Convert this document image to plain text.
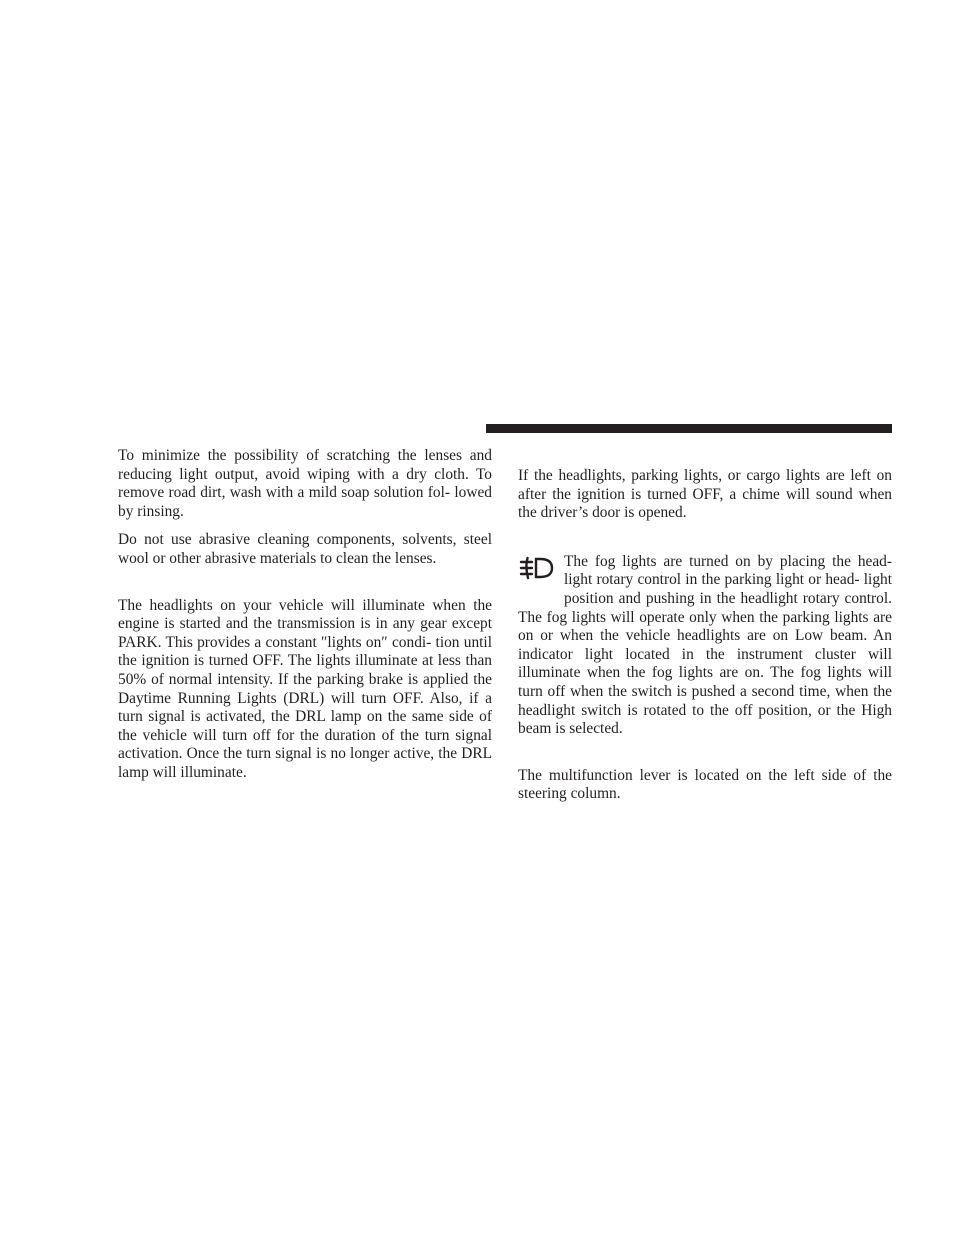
To minimize the possibility of scratching the lenses and reducing light output, avoid wiping with a dry cloth. To remove road dirt, wash with a mild soap solution fol- lowed by rinsing.

Do not use abrasive cleaning components, solvents, steel wool or other abrasive materials to clean the lenses.

The headlights on your vehicle will illuminate when the engine is started and the transmission is in any gear except PARK. This provides a constant ″lights on″ condi- tion until the ignition is turned OFF. The lights illuminate at less than 50% of normal intensity. If the parking brake is applied the Daytime Running Lights (DRL) will turn OFF. Also, if a turn signal is activated, the DRL lamp on the same side of the vehicle will turn off for the duration of the turn signal activation. Once the turn signal is no longer active, the DRL lamp will illuminate.

If the headlights, parking lights, or cargo lights are left on after the ignition is turned OFF, a chime will sound when the driver’s door is opened.

The fog lights are turned on by placing the head- light rotary control in the parking light or head- light position and pushing in the headlight rotary control. The fog lights will operate only when the parking lights are on or when the vehicle headlights are on Low beam. An indicator light located in the instrument cluster will illuminate when the fog lights are on. The fog lights will turn off when the switch is pushed a second time, when the headlight switch is rotated to the off position, or the High beam is selected.

The multifunction lever is located on the left side of the steering column.
